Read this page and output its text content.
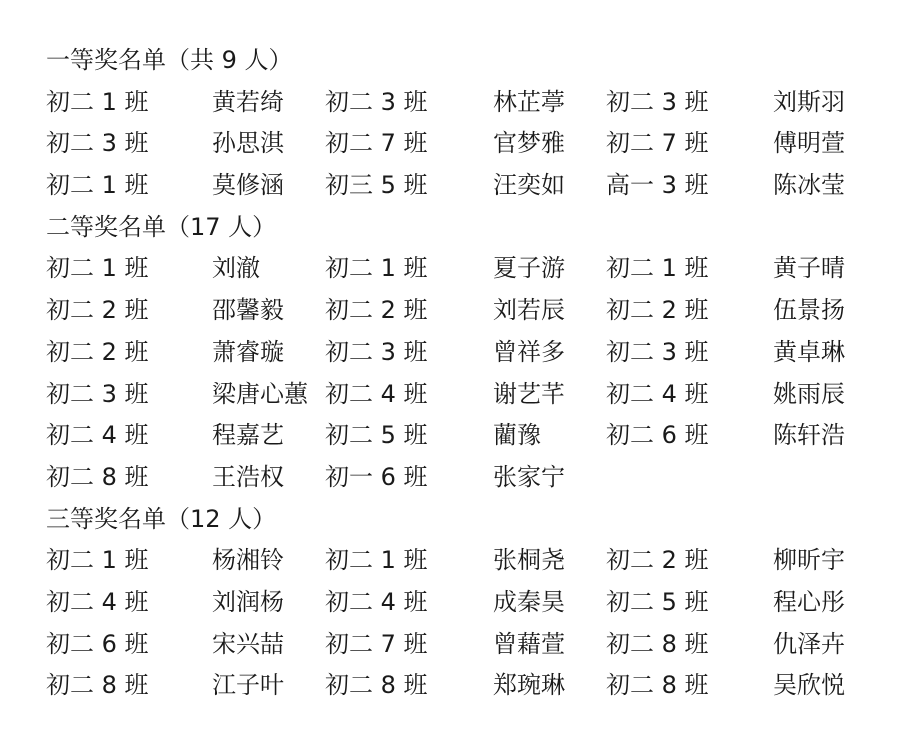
一等奖名单（共 9 人）
初二 1 班	黄若绮 初二 3 班	林芷葶 初二 3 班	刘斯羽
初二 3 班	孙思淇 初二 7 班	官梦雅 初二 7 班	傅明萱
初二 1 班	莫修涵 初三 5 班	汪奕如 高一 3 班	陈冰莹
二等奖名单（17 人）
初二 1 班	刘澈	初二 1 班	夏子游 初二 1 班	黄子晴
初二 2 班	邵馨毅 初二 2 班	刘若辰 初二 2 班	伍景扬
初二 2 班	萧睿璇 初二 3 班	曾祥多 初二 3 班	黄卓琳
初二 3 班	梁唐心蕙 初二 4 班	谢艺芊 初二 4 班	姚雨辰
初二 4 班	程嘉艺 初二 5 班	藺豫	初二 6 班	陈轩浩
初二 8 班	王浩权 初一 6 班	张家宁
三等奖名单（12 人）
初二 1 班	杨湘铃 初二 1 班	张桐尧 初二 2 班	柳昕宇
初二 4 班	刘润杨 初二 4 班	成秦昊 初二 5 班	程心彤
初二 6 班	宋兴喆 初二 7 班	曾藉萱 初二 8 班	仇泽卉
初二 8 班	江子叶 初二 8 班	郑琬琳 初二 8 班	吴欣悦
